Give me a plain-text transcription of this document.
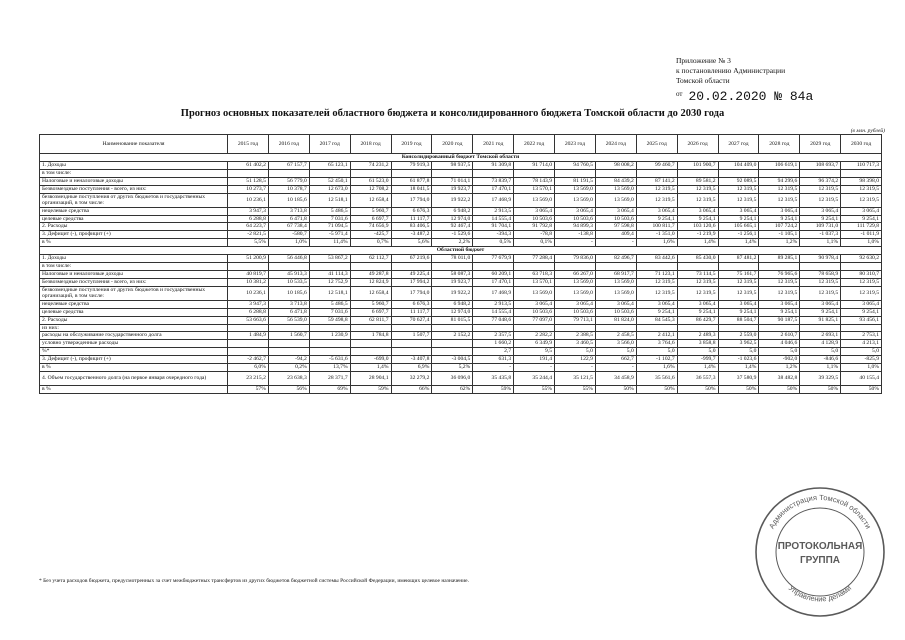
Приложение № 3
к постановлению Администрации
Томской области
$^{от}$ 20.02.2020 № 84а
Прогноз основных показателей областного бюджета и консолидированного бюджета Томской области до 2030 года
(в млн. рублей)
Наименование показателя	2015 год	2016 год	2017 год	2018 год	2019 год	2020 год	2021 год	2022 год	2023 год	2024 год	2025 год	2026 год	2027 год	2028 год	2029 год	2030 год
Консолидированный бюджет Томской области																
1. Доходы	61 402,2	67 157,7	65 123,1	74 231,2	79 919,3	98 937,5	91 309,8	91 714,0	94 760,5	98 008,2	99 460,7	101 900,7	104 409,0	106 619,1	108 693,7	110 717,3
в том числе:																
Налоговые и неналоговые доходы	51 128,5	56 779,0	52 450,1	61 523,0	61 877,8	71 014,1	73 839,7	78 143,9	81 191,5	84 439,2	87 141,2	89 581,2	92 089,5	94 299,6	96 374,2	98 398,0
Безвозмездные поступления - всего, из них:	10 273,7	10 378,7	12 673,0	12 708,2	18 041,5	19 923,7	17 470,1	13 570,1	13 569,0	13 569,0	12 319,5	12 319,5	12 319,5	12 319,5	12 319,5	12 319,5
безвозмездные поступления от других бюджетов и государственных организаций, в том числе:	10 236,1	10 185,6	12 518,1	12 658,4	17 794,0	19 922,2	17 468,9	13 569,0	13 569,0	13 569,0	12 319,5	12 319,5	12 319,5	12 319,5	12 319,5	12 319,5
нецелевые средства	3 947,3	3 713,8	5 486,5	5 960,7	6 676,3	6 948,2	2 913,5	3 065,4	3 065,4	3 065,4	3 065,4	3 065,4	3 065,4	3 065,4	3 065,4	3 065,4
целевые средства	6 288,8	6 471,8	7 031,6	6 697,7	11 117,7	12 974,0	14 555,4	10 503,6	10 503,6	10 503,6	9 254,1	9 254,1	9 254,1	9 254,1	9 254,1	9 254,1
2. Расходы	64 223,7	67 738,4	71 094,5	74 656,9	83 406,5	92 467,4	91 704,1	91 792,8	94 899,3	97 598,8	100 811,7	103 120,6	105 665,1	107 724,2	109 731,0	111 729,8
3. Дефицит (-), профицит (+)	-2 821,5	-580,7	-5 971,4	-425,7	-3 487,2	-1 529,6	-394,3	-78,8	-138,8	409,4	-1 351,0	-1 219,9	-1 256,1	-1 105,1	-1 037,3	-1 011,9
в %	5,5%	1,0%	11,4%	0,7%	5,6%	2,2%	0,5%	0,1%	-	-	1,6%	1,4%	1,4%	1,2%	1,1%	1,0%
Областной бюджет																
1. Доходы	51 200,9	56 446,8	53 867,2	62 112,7	67 219,6	78 011,0	77 679,9	77 288,4	79 836,0	82 496,7	83 442,6	85 430,0	87 481,2	89 285,1	90 978,4	92 630,2
в том числе:																
Налоговые и неналоговые доходы	40 819,7	45 913,3	41 114,3	49 287,8	49 225,4	58 087,3	60 209,1	63 718,3	66 267,0	68 917,7	71 123,1	73 114,5	75 161,7	76 965,6	78 658,9	80 310,7
Безвозмездные поступления - всего, из них:	10 381,2	10 533,5	12 752,9	12 824,9	17 994,2	19 923,7	17 470,1	13 570,1	13 569,0	13 569,0	12 319,5	12 319,5	12 319,5	12 319,5	12 319,5	12 319,5
безвозмездные поступления от других бюджетов и государственных организаций, в том числе:	10 236,1	10 185,6	12 518,1	12 658,4	17 794,0	19 922,2	17 468,9	13 569,0	13 569,0	13 569,0	12 319,5	12 319,5	12 319,5	12 319,5	12 319,5	12 319,5
нецелевые средства	3 947,3	3 713,8	5 486,5	5 960,7	6 676,3	6 948,2	2 913,5	3 065,4	3 065,4	3 065,4	3 065,4	3 065,4	3 065,4	3 065,4	3 065,4	3 065,4
целевые средства	6 288,8	6 471,8	7 031,6	6 697,7	11 117,7	12 974,0	14 555,4	10 503,6	10 503,6	10 503,6	9 254,1	9 254,1	9 254,1	9 254,1	9 254,1	9 254,1
2. Расходы	53 663,6	56 539,0	59 498,8	62 811,7	70 627,4	81 015,5	77 048,6	77 097,0	79 713,1	81 824,0	84 545,3	86 429,7	88 504,7	90 187,5	91 825,1	93 456,1
из них:																
расходы на обслуживание государственного долга	1 484,9	1 560,7	1 230,9	1 784,8	1 507,7	2 152,2	2 357,5	2 282,2	2 388,5	2 458,5	2 412,1	2 489,3	2 559,0	2 610,7	2 693,1	2 753,1
условно утвержденные расходы							1 660,2	6 349,9	3 460,5	3 566,0	3 764,6	3 858,8	3 962,5	4 046,6	4 128,9	4 213,1
%*							2,7	9,5	5,0	5,0	5,0	5,0	5,0	5,0	5,0	5,0
3. Дефицит (-), профицит (+)	-2 462,7	-94,2	-5 631,6	-699,0	-3 407,8	-3 004,5	631,3	191,4	122,9	662,7	-1 102,7	-999,7	-1 023,6	-902,0	-846,6	-825,9
в %	6,0%	0,2%	13,7%	1,4%	6,9%	5,2%	-	-	-	-	1,6%	1,4%	1,4%	1,2%	1,1%	1,0%
4. Объем государственного долга (на первое января очередного года)	23 215,2	23 638,3	28 371,7	28 904,1	32 279,2	36 096,0	35 435,8	35 244,4	35 121,5	34 458,9	35 561,6	36 557,3	37 580,9	38 482,8	39 329,5	40 155,4
в %	57%	56%	69%	59%	66%	62%	59%	55%	55%	50%	50%	50%	50%	50%	50%	50%
* Без учета расходов бюджета, предусмотренных за счет межбюджетных трансфертов из других бюджетов бюджетной системы Российской Федерации, имеющих целевое назначение.
Администрация Томской области
Управление делами
ПРОТОКОЛЬНАЯ
ГРУППА
